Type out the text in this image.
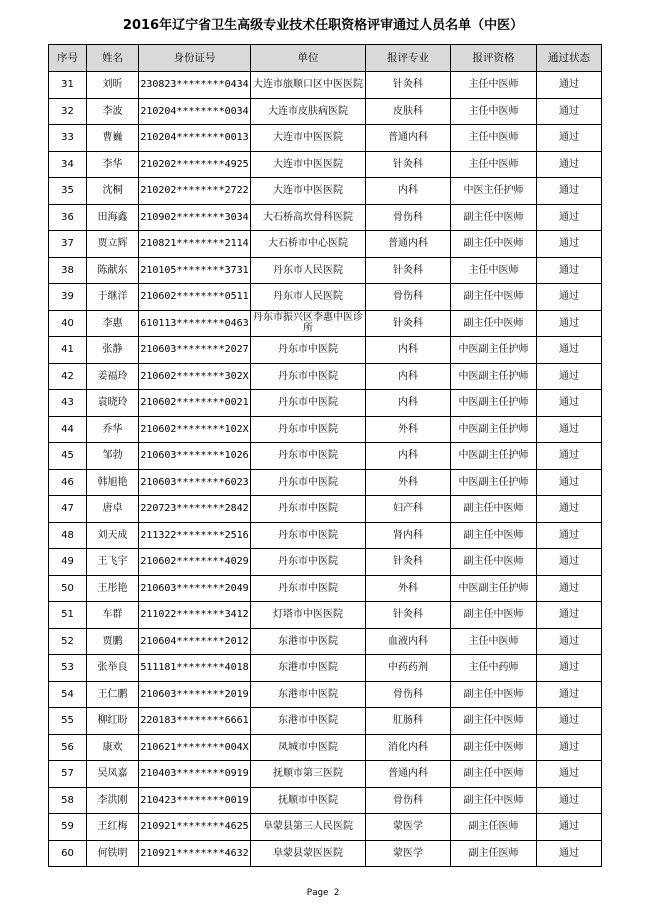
2016年辽宁省卫生高级专业技术任职资格评审通过人员名单（中医）
序号	姓名	身份证号	单位	报评专业	报评资格	通过状态
31	刘昕	230823********0434	大连市旅顺口区中医医院	针灸科	主任中医师	通过
32	李波	210204********0034	大连市皮肤病医院	皮肤科	主任中医师	通过
33	曹巍	210204********0013	大连市中医医院	普通内科	主任中医师	通过
34	李华	210202********4925	大连市中医医院	针灸科	主任中医师	通过
35	沈桐	210202********2722	大连市中医医院	内科	中医主任护师	通过
36	田海鑫	210902********3034	大石桥高坎骨科医院	骨伤科	副主任中医师	通过
37	贾立辉	210821********2114	大石桥市中心医院	普通内科	副主任中医师	通过
38	陈献东	210105********3731	丹东市人民医院	针灸科	主任中医师	通过
39	于继洋	210602********0511	丹东市人民医院	骨伤科	副主任中医师	通过
40	李惠	610113********0463	丹东市振兴区李惠中医诊所	针灸科	副主任中医师	通过
41	张静	210603********2027	丹东市中医院	内科	中医副主任护师	通过
42	姜福玲	210602********302X	丹东市中医院	内科	中医副主任护师	通过
43	袁晓玲	210602********0021	丹东市中医院	内科	中医副主任护师	通过
44	乔华	210602********102X	丹东市中医院	外科	中医副主任护师	通过
45	邹勃	210603********1026	丹东市中医院	内科	中医副主任护师	通过
46	韩旭艳	210603********6023	丹东市中医院	外科	中医副主任护师	通过
47	唐卓	220723********2842	丹东市中医院	妇产科	副主任中医师	通过
48	刘天成	211322********2516	丹东市中医院	肾内科	副主任中医师	通过
49	王飞宇	210602********4029	丹东市中医院	针灸科	副主任中医师	通过
50	王彤艳	210603********2049	丹东市中医院	外科	中医副主任护师	通过
51	车群	211022********3412	灯塔市中医医院	针灸科	副主任中医师	通过
52	贾鹏	210604********2012	东港市中医院	血液内科	主任中医师	通过
53	张举良	511181********4018	东港市中医院	中药药剂	主任中药师	通过
54	王仁鹏	210603********2019	东港市中医院	骨伤科	副主任中医师	通过
55	柳红盼	220183********6661	东港市中医院	肛肠科	副主任中医师	通过
56	康欢	210621********004X	凤城市中医院	消化内科	副主任中医师	通过
57	吴凤嘉	210403********0919	抚顺市第三医院	普通内科	副主任中医师	通过
58	李洪刚	210423********0019	抚顺市中医院	骨伤科	副主任中医师	通过
59	王红梅	210921********4625	阜蒙县第三人民医院	蒙医学	副主任医师	通过
60	何铁明	210921********4632	阜蒙县蒙医医院	蒙医学	副主任医师	通过
Page 2
